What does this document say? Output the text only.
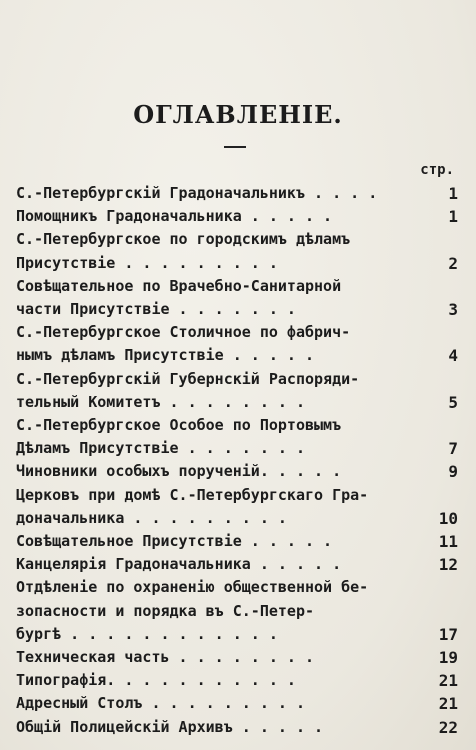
ОГЛАВЛЕНІЕ.
стр.
С.-Петербургскій Градоначальникъ . . . .	1
Помощникъ Градоначальника . . . . .	1
С.-Петербургское по городскимъ дѣламъ
Присутствіе . . . . . . . . .	2
Совѣщательное по Врачебно-Санитарной
части Присутствіе . . . . . . .	3
С.-Петербургское Столичное по фабрич-
нымъ дѣламъ Присутствіе . . . . .	4
С.-Петербургскій Губернскій Распоряди-
тельный Комитетъ . . . . . . . .	5
С.-Петербургское Особое по Портовымъ
Дѣламъ Присутствіе . . . . . . .	7
Чиновники особыхъ порученій. . . . .	9
Церковъ при домѣ С.-Петербургскаго Гра-
доначальника . . . . . . . . .	10
Совѣщательное Присутствіе . . . . .	11
Канцелярія Градоначальника . . . . .	12
Отдѣленіе по охраненію общественной бе-
зопасности и порядка въ С.-Петер-
бургѣ . . . . . . . . . . . .	17
Техническая часть . . . . . . . .	19
Типографія. . . . . . . . . . .	21
Адресный Столъ . . . . . . . . .	21
Общій Полицейскій Архивъ . . . . .	22
